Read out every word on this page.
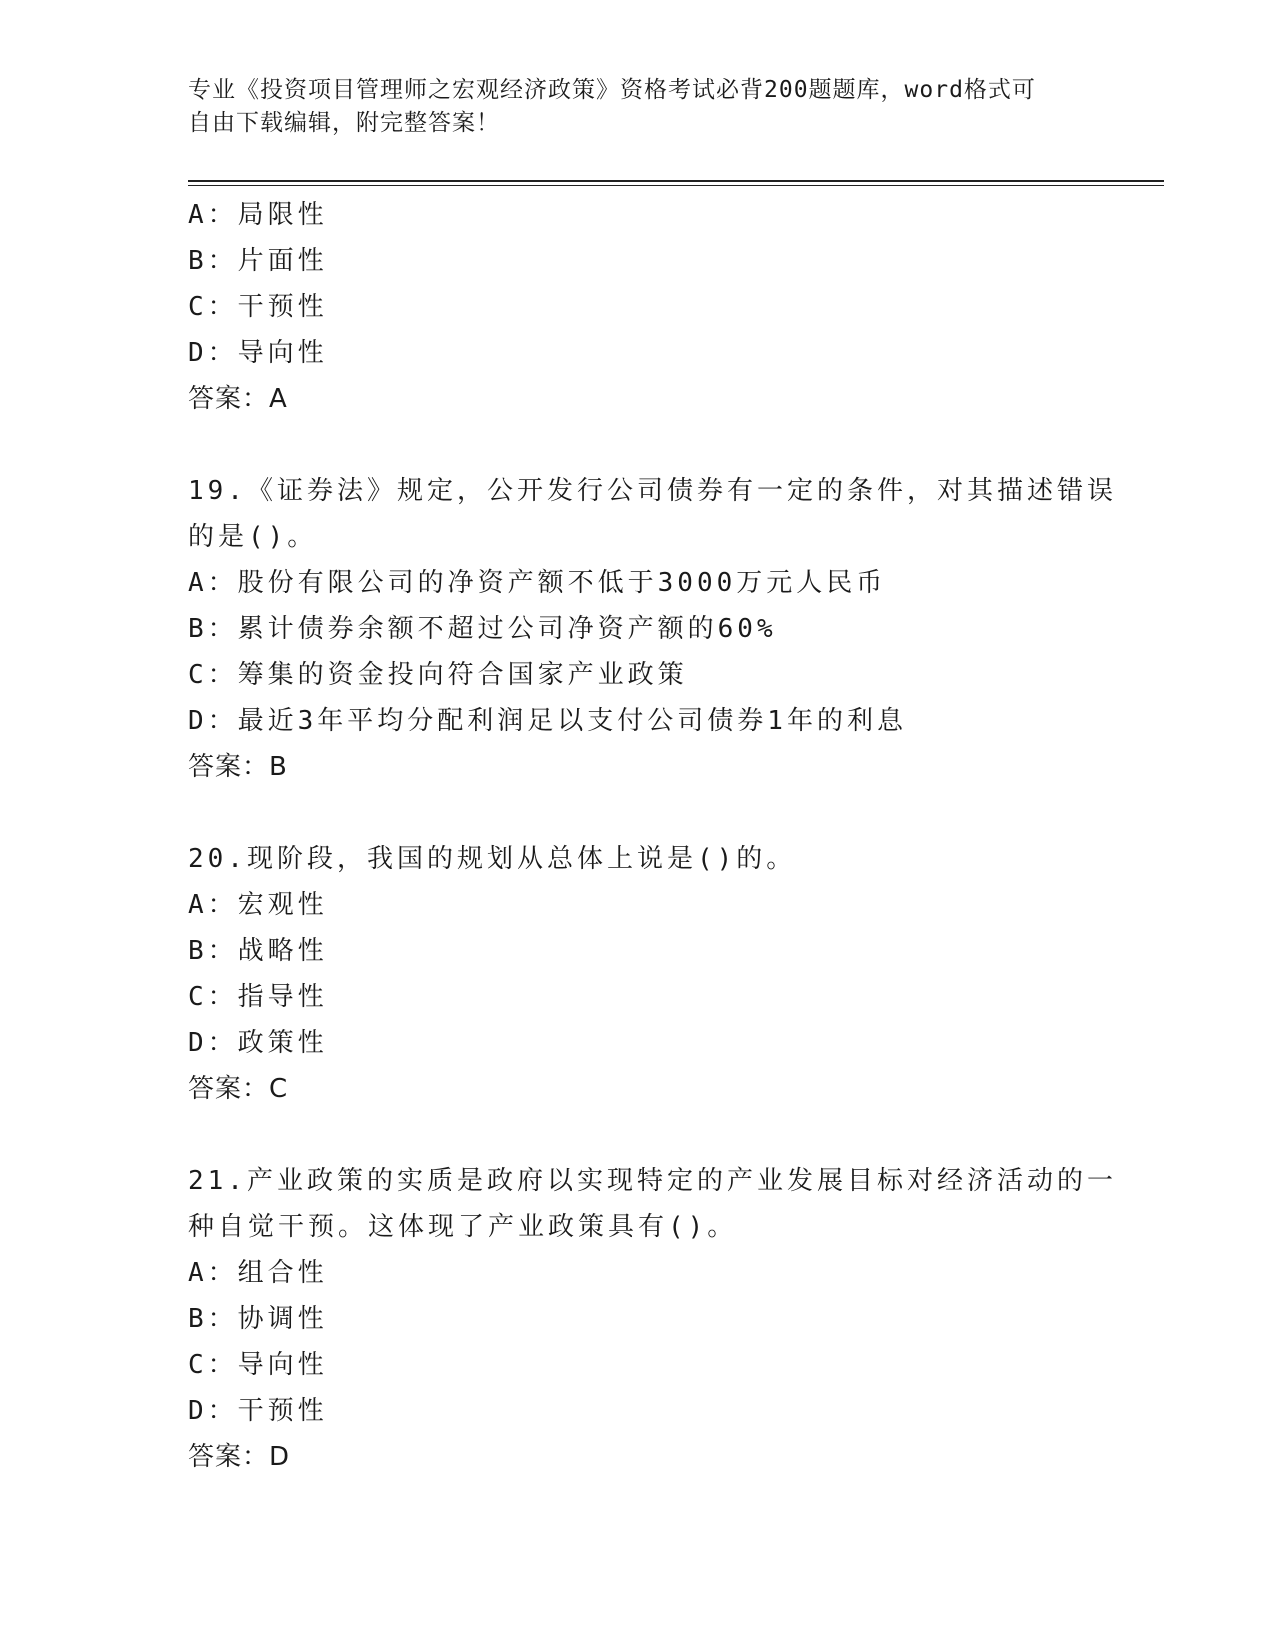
专业《投资项目管理师之宏观经济政策》资格考试必背200题题库，word格式可
自由下载编辑，附完整答案！
A：局限性
B：片面性
C：干预性
D：导向性
答案：A
19.《证券法》规定，公开发行公司债券有一定的条件，对其描述错误
的是()。
A：股份有限公司的净资产额不低于3000万元人民币
B：累计债券余额不超过公司净资产额的60%
C：筹集的资金投向符合国家产业政策
D：最近3年平均分配利润足以支付公司债券1年的利息
答案：B
20.现阶段，我国的规划从总体上说是()的。
A：宏观性
B：战略性
C：指导性
D：政策性
答案：C
21.产业政策的实质是政府以实现特定的产业发展目标对经济活动的一
种自觉干预。这体现了产业政策具有()。
A：组合性
B：协调性
C：导向性
D：干预性
答案：D
